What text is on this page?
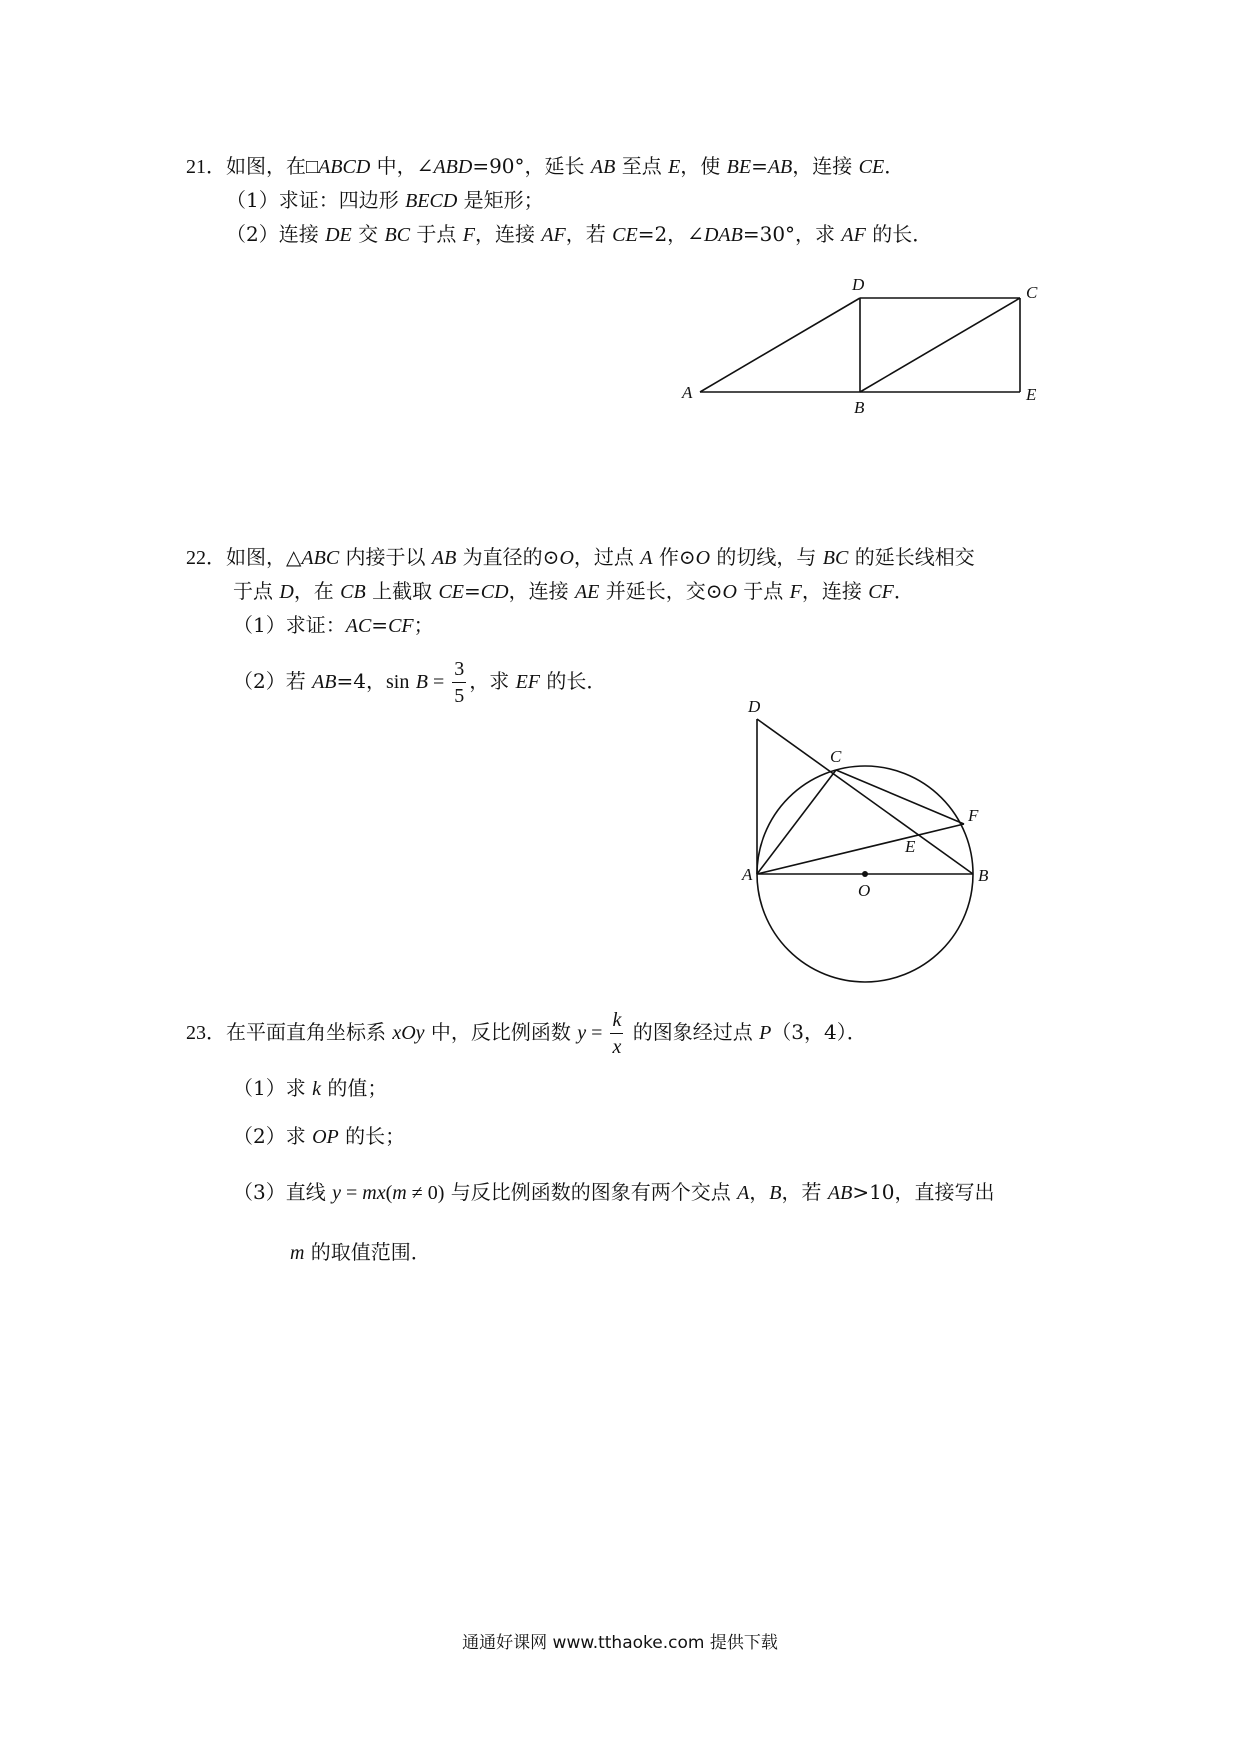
21．如图，在□ABCD 中，∠ABD=90°，延长 AB 至点 E，使 BE=AB，连接 CE．
（1）求证：四边形 BECD 是矩形；
（2）连接 DE 交 BC 于点 F，连接 AF，若 CE=2，∠DAB=30°，求 AF 的长．
A
B
C
D
E
22．如图，△ABC 内接于以 AB 为直径的⊙O，过点 A 作⊙O 的切线，与 BC 的延长线相交
于点 D，在 CB 上截取 CE=CD，连接 AE 并延长，交⊙O 于点 F，连接 CF．
（1）求证：AC=CF；
（2）若 AB=4，$\sin B = \frac{3}{5}$ ，求 EF 的长．
A	B
C
D
E
F
O
23．在平面直角坐标系 xOy 中，反比例函数 $y = \frac{k}{x}$ 的图象经过点 P（3，4）．
（1）求 k 的值；
（2）求 OP 的长；
（3）直线 y = mx(m ≠ 0) 与反比例函数的图象有两个交点 A，B，若 AB>10，直接写出
m 的取值范围．
通通好课网 www.tthaoke.com 提供下载
